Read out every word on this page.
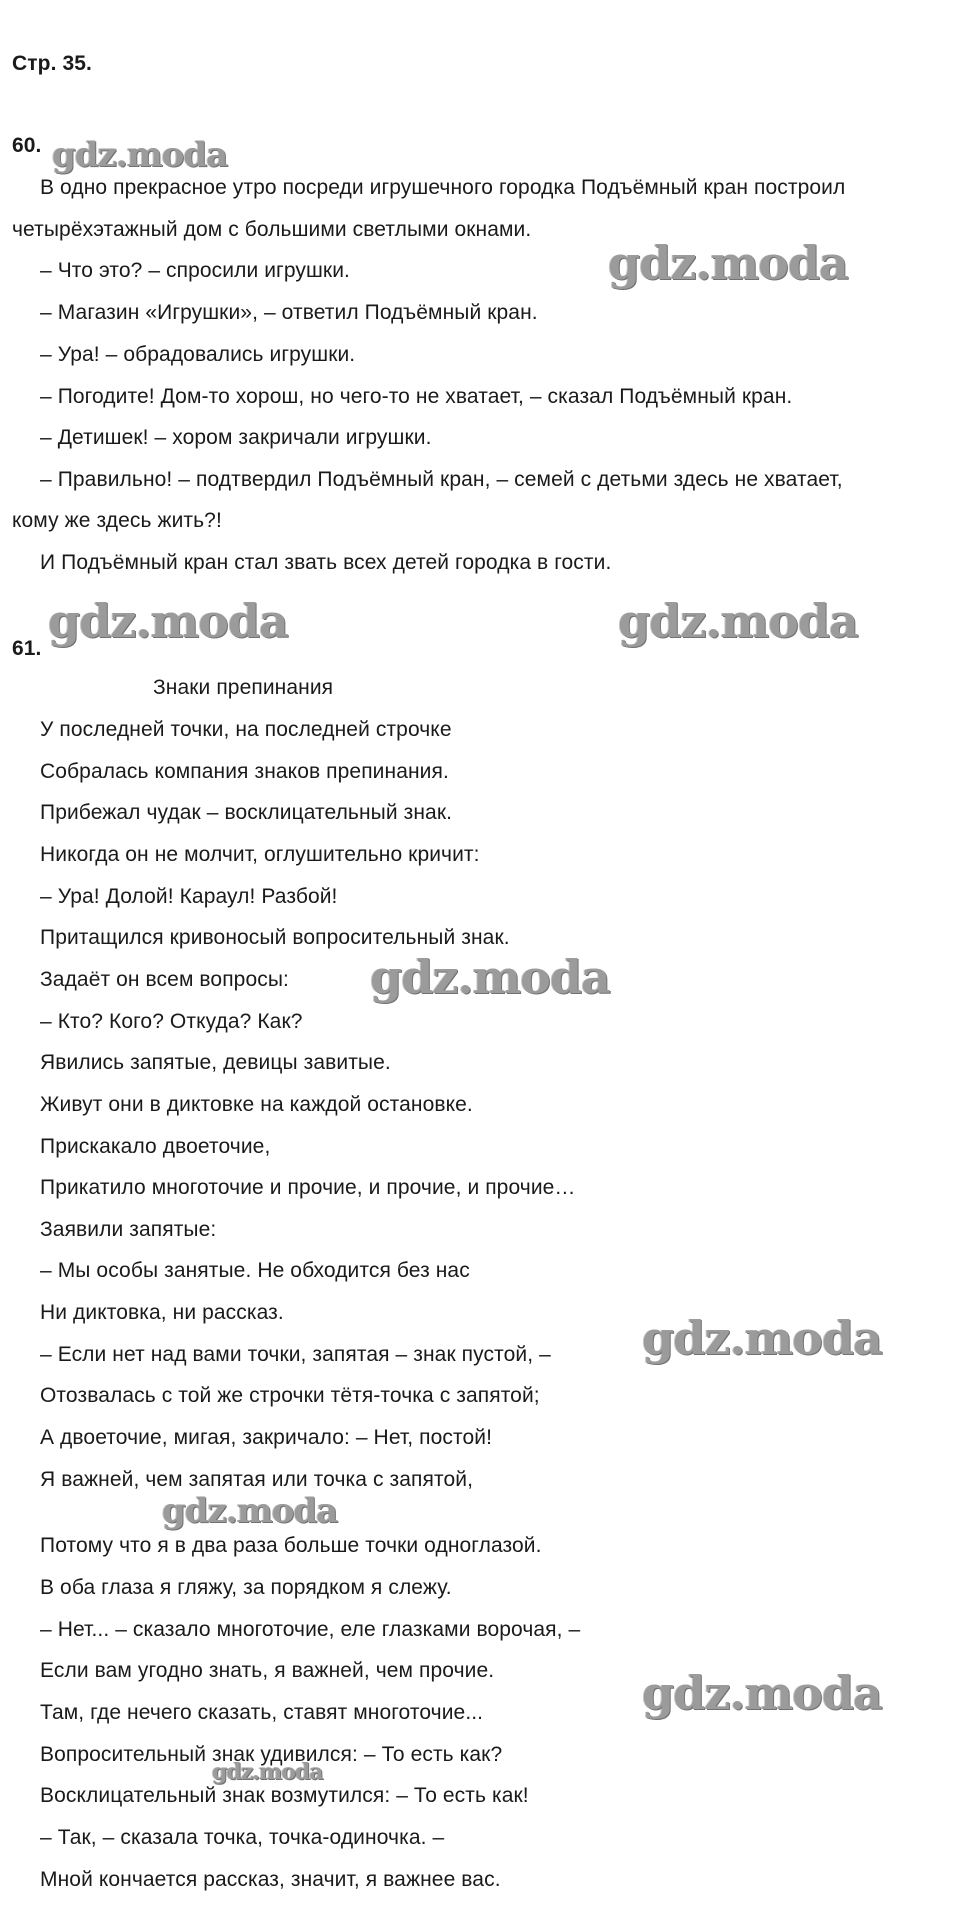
Стр. 35.
60.
В одно прекрасное утро посреди игрушечного городка Подъёмный кран построил
четырёхэтажный дом с большими светлыми окнами.
– Что это? – спросили игрушки.
– Магазин «Игрушки», – ответил Подъёмный кран.
– Ура! – обрадовались игрушки.
– Погодите! Дом-то хорош, но чего-то не хватает, – сказал Подъёмный кран.
– Детишек! – хором закричали игрушки.
– Правильно! – подтвердил Подъёмный кран, – семей с детьми здесь не хватает,
кому же здесь жить?!
И Подъёмный кран стал звать всех детей городка в гости.
61.
Знаки препинания
У последней точки, на последней строчке
Собралась компания знаков препинания.
Прибежал чудак – восклицательный знак.
Никогда он не молчит, оглушительно кричит:
– Ура! Долой! Караул! Разбой!
Притащился кривоносый вопросительный знак.
Задаёт он всем вопросы:
– Кто? Кого? Откуда? Как?
Явились запятые, девицы завитые.
Живут они в диктовке на каждой остановке.
Прискакало двоеточие,
Прикатило многоточие и прочие, и прочие, и прочие…
Заявили запятые:
– Мы особы занятые. Не обходится без нас
Ни диктовка, ни рассказ.
– Если нет над вами точки, запятая – знак пустой, –
Отозвалась с той же строчки тётя-точка с запятой;
А двоеточие, мигая, закричало: – Нет, постой!
Я важней, чем запятая или точка с запятой,
Потому что я в два раза больше точки одноглазой.
В оба глаза я гляжу, за порядком я слежу.
– Нет... – сказало многоточие, еле глазками ворочая, –
Если вам угодно знать, я важней, чем прочие.
Там, где нечего сказать, ставят многоточие...
Вопросительный знак удивился: – То есть как?
Восклицательный знак возмутился: – То есть как!
– Так, – сказала точка, точка-одиночка. –
Мной кончается рассказ, значит, я важнее вас.
gdz.moda
gdz.moda
gdz.moda	gdz.moda
gdz.moda
gdz.moda
gdz.moda
gdz.moda
gdz.moda
